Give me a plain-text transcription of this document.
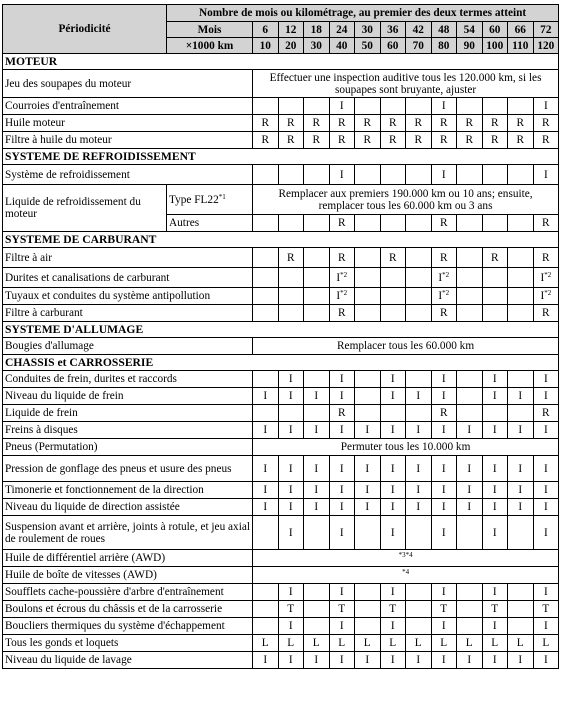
Périodicité	Nombre de mois ou kilométrage, au premier des deux termes atteint												
	Mois	6	12	18	24	30	36	42	48	54	60	66	72
	×1000 km	10	20	30	40	50	60	70	80	90	100	110	120
MOTEUR													
Jeu des soupapes du moteur		Effectuer une inspection auditive tous les 120.000 km, si les soupapes sont bruyante, ajuster											
Courroies d'entraînement					I				I				I
Huile moteur		R	R	R	R	R	R	R	R	R	R	R	R
Filtre à huile du moteur		R	R	R	R	R	R	R	R	R	R	R	R
SYSTEME DE REFROIDISSEMENT													
Système de refroidissement					I				I				I
Liquide de refroidissement du moteur	Type FL22$^{*1}$	Remplacer aux premiers 190.000 km ou 10 ans; ensuite, remplacer tous les 60.000 km ou 3 ans											
	Autres				R				R				R
SYSTEME DE CARBURANT													
Filtre à air			R		R		R		R		R		R
Durites et canalisations de carburant					$I^{*2}$				$I^{*2}$				$I^{*2}$
Tuyaux et conduites du système antipollution					$I^{*2}$				$I^{*2}$				$I^{*2}$
Filtre à carburant					R				R				R
SYSTEME D'ALLUMAGE													
Bougies d'allumage		Remplacer tous les 60.000 km											
CHASSIS et CARROSSERIE													
Conduites de frein, durites et raccords			I		I		I		I		I		I
Niveau du liquide de frein		I	I	I	I		I	I	I		I	I	I
Liquide de frein					R				R				R
Freins à disques		I	I	I	I	I	I	I	I	I	I	I	I
Pneus (Permutation)		Permuter tous les 10.000 km											
Pression de gonflage des pneus et usure des pneus		I	I	I	I	I	I	I	I	I	I	I	I
Timonerie et fonctionnement de la direction		I	I	I	I	I	I	I	I	I	I	I	I
Niveau du liquide de direction assistée		I	I	I	I	I	I	I	I	I	I	I	I
Suspension avant et arrière, joints à rotule, et jeu axial de roulement de roues			I		I		I		I		I		I
Huile de différentiel arrière (AWD)		$^{*3*4}$
Huile de boîte de vitesses (AWD)		$^{*4}$
Soufflets cache-poussière d'arbre d'entraînement			I		I		I		I		I		I
Boulons et écrous du châssis et de la carrosserie			T		T		T		T		T		T
Boucliers thermiques du système d'échappement			I		I		I		I		I		I
Tous les gonds et loquets		L	L	L	L	L	L	L	L	L	L	L	L
Niveau du liquide de lavage		I	I	I	I	I	I	I	I	I	I	I	I
